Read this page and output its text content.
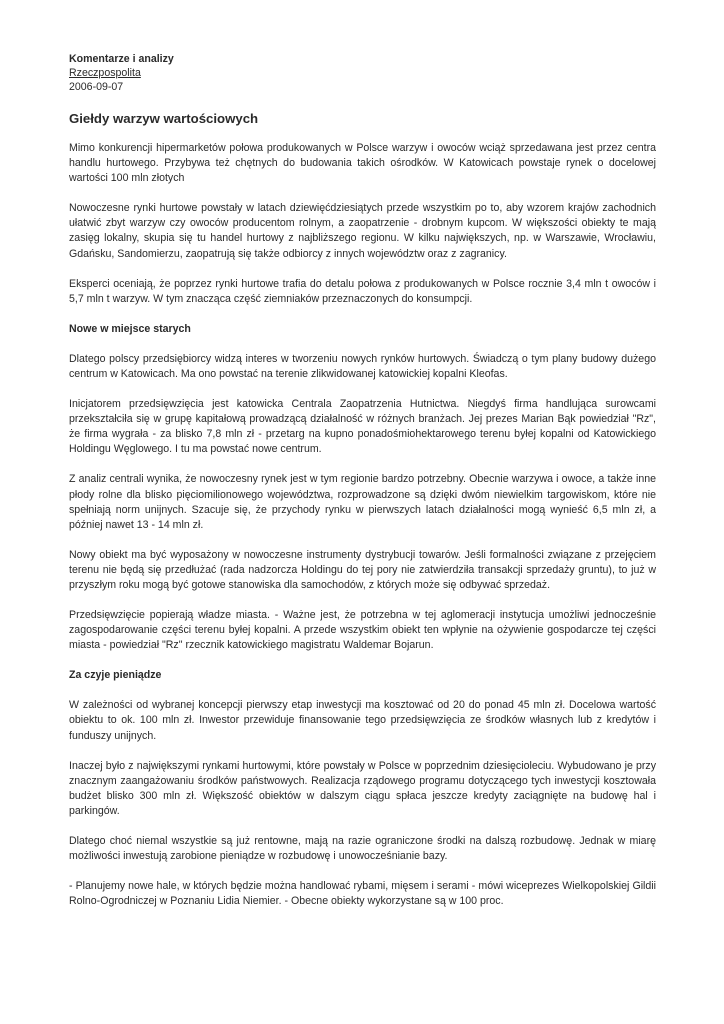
Komentarze i analizy

Rzeczpospolita

2006-09-07

Giełdy warzyw wartościowych

Mimo konkurencji hipermarketów połowa produkowanych w Polsce warzyw i owoców wciąż sprzedawana jest przez centra handlu hurtowego. Przybywa też chętnych do budowania takich ośrodków. W Katowicach powstaje rynek o docelowej wartości 100 mln złotych

Nowoczesne rynki hurtowe powstały w latach dziewięćdziesiątych przede wszystkim po to, aby wzorem krajów zachodnich ułatwić zbyt warzyw czy owoców producentom rolnym, a zaopatrzenie - drobnym kupcom. W większości obiekty te mają zasięg lokalny, skupia się tu handel hurtowy z najbliższego regionu. W kilku największych, np. w Warszawie, Wrocławiu, Gdańsku, Sandomierzu, zaopatrują się także odbiorcy z innych województw oraz z zagranicy.

Eksperci oceniają, że poprzez rynki hurtowe trafia do detalu połowa z produkowanych w Polsce rocznie 3,4 mln t owoców i 5,7 mln t warzyw. W tym znacząca część ziemniaków przeznaczonych do konsumpcji.

Nowe w miejsce starych

Dlatego polscy przedsiębiorcy widzą interes w tworzeniu nowych rynków hurtowych. Świadczą o tym plany budowy dużego centrum w Katowicach. Ma ono powstać na terenie zlikwidowanej katowickiej kopalni Kleofas.

Inicjatorem przedsięwzięcia jest katowicka Centrala Zaopatrzenia Hutnictwa. Niegdyś firma handlująca surowcami przekształciła się w grupę kapitałową prowadzącą działalność w różnych branżach. Jej prezes Marian Bąk powiedział "Rz", że firma wygrała - za blisko 7,8 mln zł - przetarg na kupno ponadośmiohektarowego terenu byłej kopalni od Katowickiego Holdingu Węglowego. I tu ma powstać nowe centrum.

Z analiz centrali wynika, że nowoczesny rynek jest w tym regionie bardzo potrzebny. Obecnie warzywa i owoce, a także inne płody rolne dla blisko pięciomilionowego województwa, rozprowadzone są dzięki dwóm niewielkim targowiskom, które nie spełniają norm unijnych. Szacuje się, że przychody rynku w pierwszych latach działalności mogą wynieść 6,5 mln zł, a później nawet 13 - 14 mln zł.

Nowy obiekt ma być wyposażony w nowoczesne instrumenty dystrybucji towarów. Jeśli formalności związane z przejęciem terenu nie będą się przedłużać (rada nadzorcza Holdingu do tej pory nie zatwierdziła transakcji sprzedaży gruntu), to już w przyszłym roku mogą być gotowe stanowiska dla samochodów, z których może się odbywać sprzedaż.

Przedsięwzięcie popierają władze miasta. - Ważne jest, że potrzebna w tej aglomeracji instytucja umożliwi jednocześnie zagospodarowanie części terenu byłej kopalni. A przede wszystkim obiekt ten wpłynie na ożywienie gospodarcze tej części miasta - powiedział "Rz" rzecznik katowickiego magistratu Waldemar Bojarun.

Za czyje pieniądze

W zależności od wybranej koncepcji pierwszy etap inwestycji ma kosztować od 20 do ponad 45 mln zł. Docelowa wartość obiektu to ok. 100 mln zł. Inwestor przewiduje finansowanie tego przedsięwzięcia ze środków własnych lub z kredytów i funduszy unijnych.

Inaczej było z największymi rynkami hurtowymi, które powstały w Polsce w poprzednim dziesięcioleciu. Wybudowano je przy znacznym zaangażowaniu środków państwowych. Realizacja rządowego programu dotyczącego tych inwestycji kosztowała budżet blisko 300 mln zł. Większość obiektów w dalszym ciągu spłaca jeszcze kredyty zaciągnięte na budowę hal i parkingów.

Dlatego choć niemal wszystkie są już rentowne, mają na razie ograniczone środki na dalszą rozbudowę. Jednak w miarę możliwości inwestują zarobione pieniądze w rozbudowę i unowocześnianie bazy.

- Planujemy nowe hale, w których będzie można handlować rybami, mięsem i serami - mówi wiceprezes Wielkopolskiej Gildii Rolno-Ogrodniczej w Poznaniu Lidia Niemier. - Obecne obiekty wykorzystane są w 100 proc.
